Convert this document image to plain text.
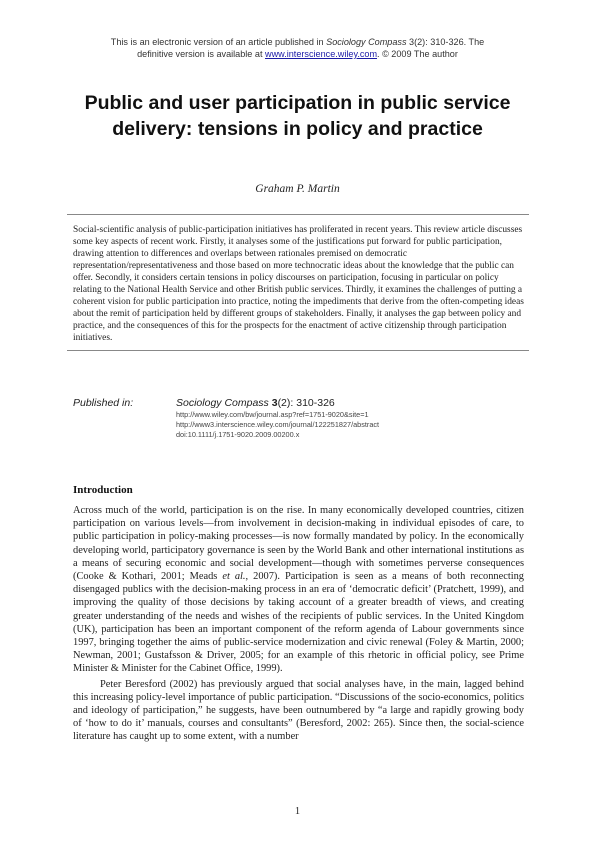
This is an electronic version of an article published in Sociology Compass 3(2): 310-326. The
definitive version is available at www.interscience.wiley.com. © 2009 The author
Public and user participation in public service delivery: tensions in policy and practice
Graham P. Martin

Social-scientific analysis of public-participation initiatives has proliferated in recent years. This review article discusses some key aspects of recent work. Firstly, it analyses some of the justifications put forward for public participation, drawing attention to differences and overlaps between rationales premised on democratic representation/representativeness and those based on more technocratic ideas about the knowledge that the public can offer. Secondly, it considers certain tensions in policy discourses on participation, focusing in particular on policy relating to the National Health Service and other British public services. Thirdly, it examines the challenges of putting a coherent vision for public participation into practice, noting the impediments that derive from the often-competing ideas about the remit of participation held by different groups of stakeholders. Finally, it analyses the gap between policy and practice, and the consequences of this for the prospects for the enactment of active citizenship through participation initiatives.

Published in:	Sociology Compass 3(2): 310-326
http://www.wiley.com/bw/journal.asp?ref=1751-9020&site=1
http://www3.interscience.wiley.com/journal/122251827/abstract
doi:10.1111/j.1751-9020.2009.00200.x
Introduction

Across much of the world, participation is on the rise. In many economically developed countries, citizen participation on various levels—from involvement in decision-making in individual episodes of care, to public participation in policy-making processes—is now formally mandated by policy. In the economically developing world, participatory governance is seen by the World Bank and other international institutions as a means of securing economic and social development—though with sometimes perverse consequences (Cooke & Kothari, 2001; Meads et al., 2007). Participation is seen as a means of both reconnecting disengaged publics with the decision-making process in an era of ‘democratic deficit’ (Pratchett, 1999), and improving the quality of those decisions by taking account of a greater breadth of views, and creating greater understanding of the needs and wishes of the recipients of public services. In the United Kingdom (UK), participation has been an important component of the reform agenda of Labour governments since 1997, bringing together the aims of public-service modernization and civic renewal (Foley & Martin, 2000; Newman, 2001; Gustafsson & Driver, 2005; for an example of this rhetoric in official policy, see Prime Minister & Minister for the Cabinet Office, 1999).

Peter Beresford (2002) has previously argued that social analyses have, in the main, lagged behind this increasing policy-level importance of public participation. “Discussions of the socio-economics, politics and ideology of participation,” he suggests, have been outnumbered by “a large and rapidly growing body of ‘how to do it’ manuals, courses and consultants” (Beresford, 2002: 265). Since then, the social-science literature has caught up to some extent, with a number

1
